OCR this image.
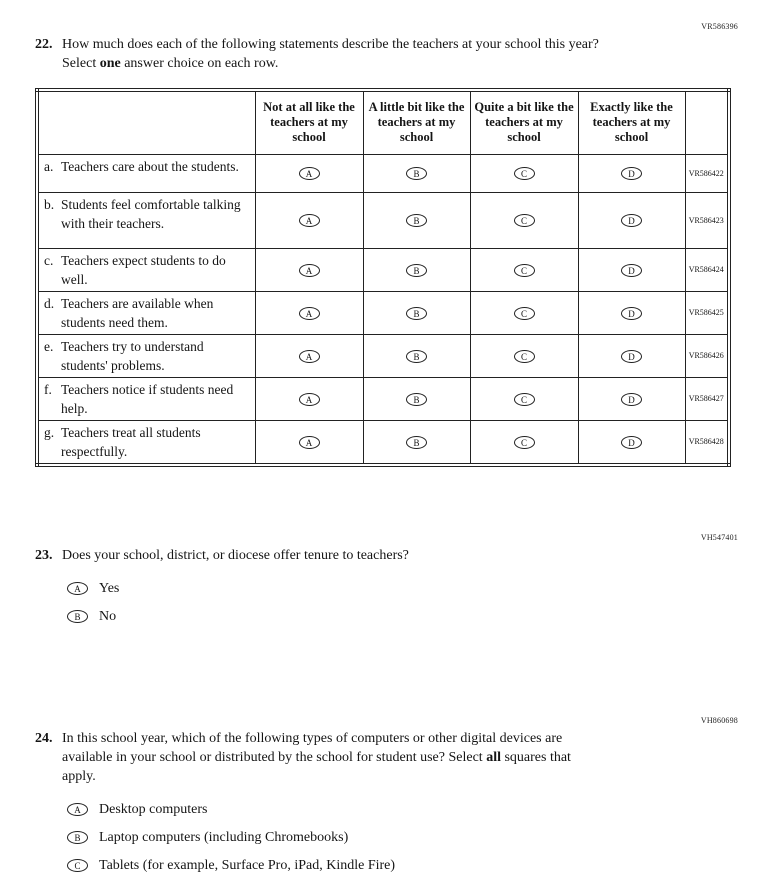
VR586396
22. How much does each of the following statements describe the teachers at your school this year? Select one answer choice on each row.
	Not at all like the teachers at my school	A little bit like the teachers at my school	Quite a bit like the teachers at my school	Exactly like the teachers at my school	
a. Teachers care about the students.	A	B	C	D	VR586422
b. Students feel comfortable talking with their teachers.	A	B	C	D	VR586423
c. Teachers expect students to do well.	A	B	C	D	VR586424
d. Teachers are available when students need them.	A	B	C	D	VR586425
e. Teachers try to understand students' problems.	A	B	C	D	VR586426
f. Teachers notice if students need help.	A	B	C	D	VR586427
g. Teachers treat all students respectfully.	A	B	C	D	VR586428
VH547401
23. Does your school, district, or diocese offer tenure to teachers?
A	Yes
B	No
VH860698
24. In this school year, which of the following types of computers or other digital devices are available in your school or distributed by the school for student use? Select all squares that apply.
A	Desktop computers
B	Laptop computers (including Chromebooks)
C	Tablets (for example, Surface Pro, iPad, Kindle Fire)
